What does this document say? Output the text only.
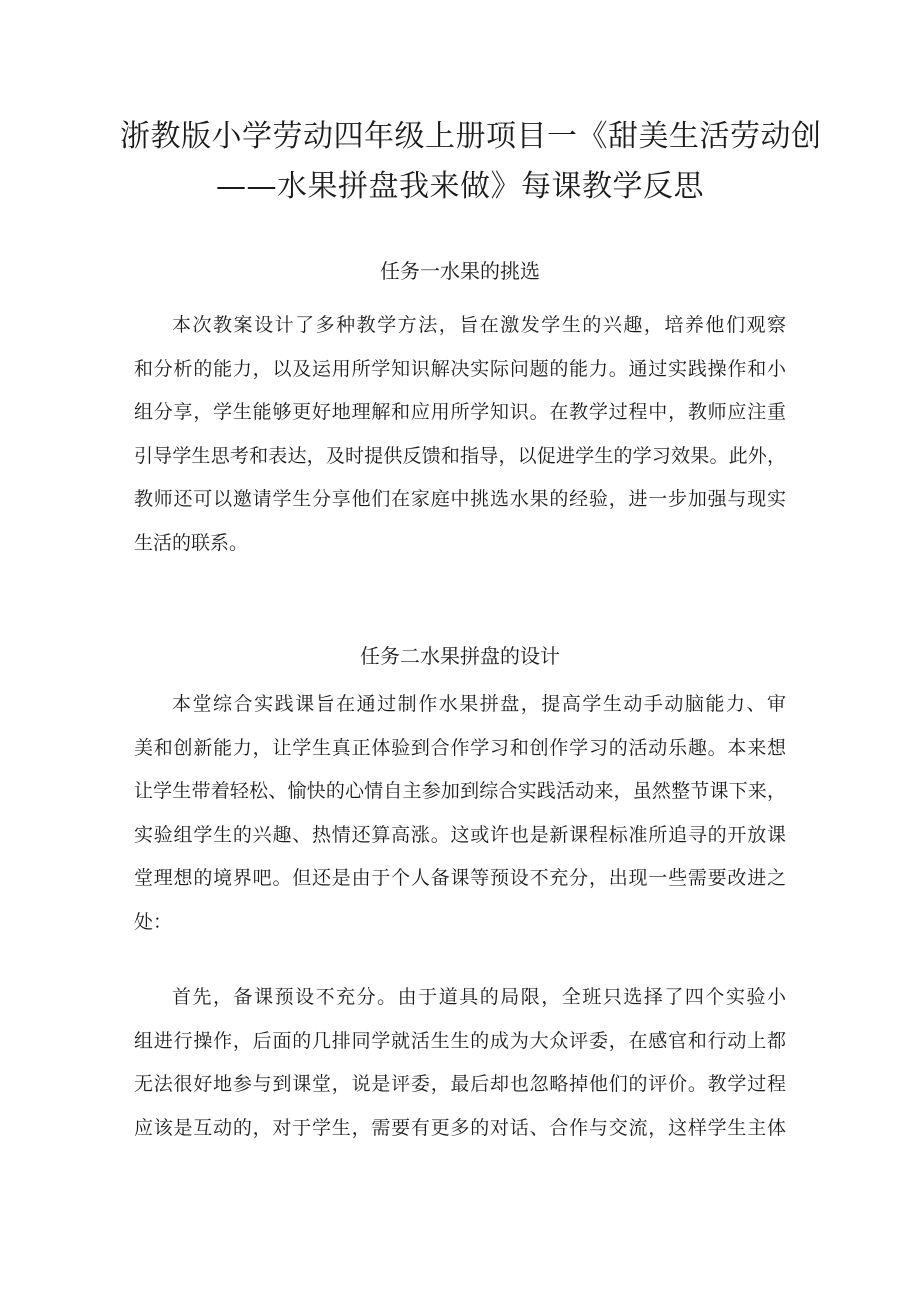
浙教版小学劳动四年级上册项目一《甜美生活劳动创
——水果拼盘我来做》每课教学反思
任务一水果的挑选
本次教案设计了多种教学方法，旨在激发学生的兴趣，培养他们观察
和分析的能力，以及运用所学知识解决实际问题的能力。通过实践操作和小
组分享，学生能够更好地理解和应用所学知识。在教学过程中，教师应注重
引导学生思考和表达，及时提供反馈和指导，以促进学生的学习效果。此外，
教师还可以邀请学生分享他们在家庭中挑选水果的经验，进一步加强与现实
生活的联系。
任务二水果拼盘的设计
本堂综合实践课旨在通过制作水果拼盘，提高学生动手动脑能力、审
美和创新能力，让学生真正体验到合作学习和创作学习的活动乐趣。本来想
让学生带着轻松、愉快的心情自主参加到综合实践活动来，虽然整节课下来，
实验组学生的兴趣、热情还算高涨。这或许也是新课程标准所追寻的开放课
堂理想的境界吧。但还是由于个人备课等预设不充分，出现一些需要改进之
处：
首先，备课预设不充分。由于道具的局限，全班只选择了四个实验小
组进行操作，后面的几排同学就活生生的成为大众评委，在感官和行动上都
无法很好地参与到课堂，说是评委，最后却也忽略掉他们的评价。教学过程
应该是互动的，对于学生，需要有更多的对话、合作与交流，这样学生主体
